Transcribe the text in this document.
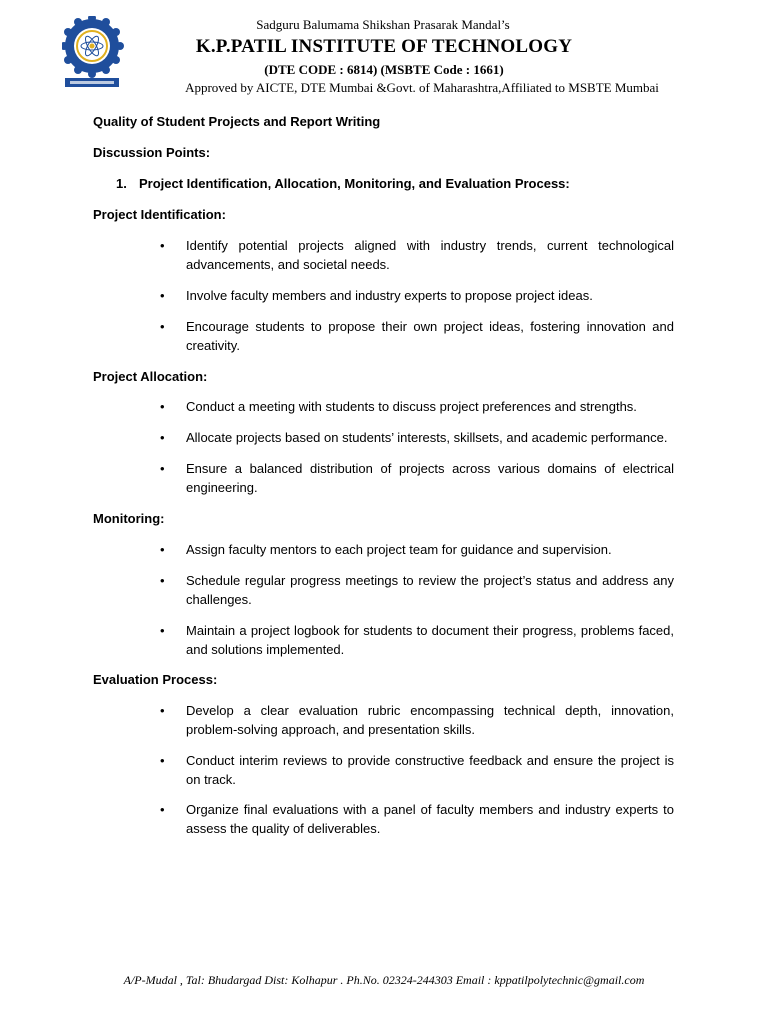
Sadguru Balumama Shikshan Prasarak Mandal’s
K.P.PATIL INSTITUTE OF TECHNOLOGY
(DTE CODE : 6814) (MSBTE Code : 1661)
Approved by AICTE, DTE Mumbai &Govt. of Maharashtra,Affiliated to MSBTE Mumbai
Quality of Student Projects and Report Writing
Discussion Points:
1. Project Identification, Allocation, Monitoring, and Evaluation Process:
Project Identification:
• Identify potential projects aligned with industry trends, current technological advancements, and societal needs.
• Involve faculty members and industry experts to propose project ideas.
• Encourage students to propose their own project ideas, fostering innovation and creativity.
Project Allocation:
• Conduct a meeting with students to discuss project preferences and strengths.
• Allocate projects based on students’ interests, skillsets, and academic performance.
• Ensure a balanced distribution of projects across various domains of electrical engineering.
Monitoring:
• Assign faculty mentors to each project team for guidance and supervision.
• Schedule regular progress meetings to review the project’s status and address any challenges.
• Maintain a project logbook for students to document their progress, problems faced, and solutions implemented.
Evaluation Process:
• Develop a clear evaluation rubric encompassing technical depth, innovation, problem-solving approach, and presentation skills.
• Conduct interim reviews to provide constructive feedback and ensure the project is on track.
• Organize final evaluations with a panel of faculty members and industry experts to assess the quality of deliverables.
A/P-Mudal , Tal: Bhudargad Dist: Kolhapur . Ph.No. 02324-244303 Email : kppatilpolytechnic@gmail.com
